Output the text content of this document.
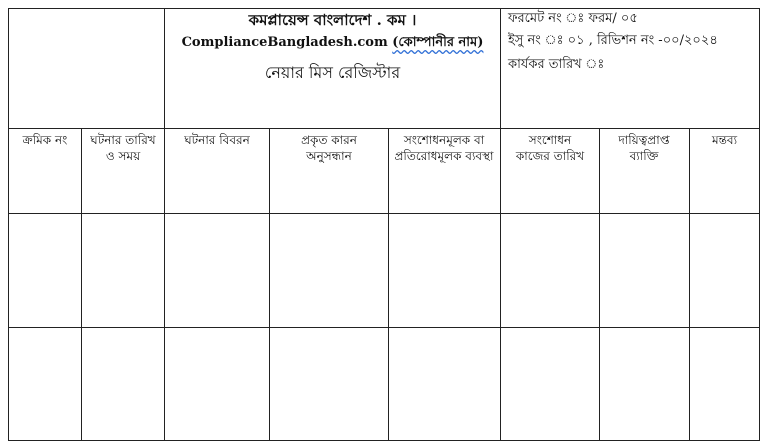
কমপ্লায়েন্স বাংলাদেশ . কম ।
ComplianceBangladesh.com (কোম্পানীর নাম)
নেয়ার মিস রেজিস্টার
ফরমেট নং ঃ ফরম/ ০৫
ইসু নং ঃ ০১ , রিভিশন নং -০০/২০২৪
কার্যকর তারিখ ঃ
ক্রমিক নং	ঘটনার তারিখ ও সময়
ঘটনার বিবরন	প্রকৃত কারন অনুসন্ধান
সংশোধনমূলক বা প্রতিরোধমূলক ব্যবস্থা
সংশোধন কাজের তারিখ
দায়িত্বপ্রাপ্ত ব্যাক্তি
মন্তব্য
